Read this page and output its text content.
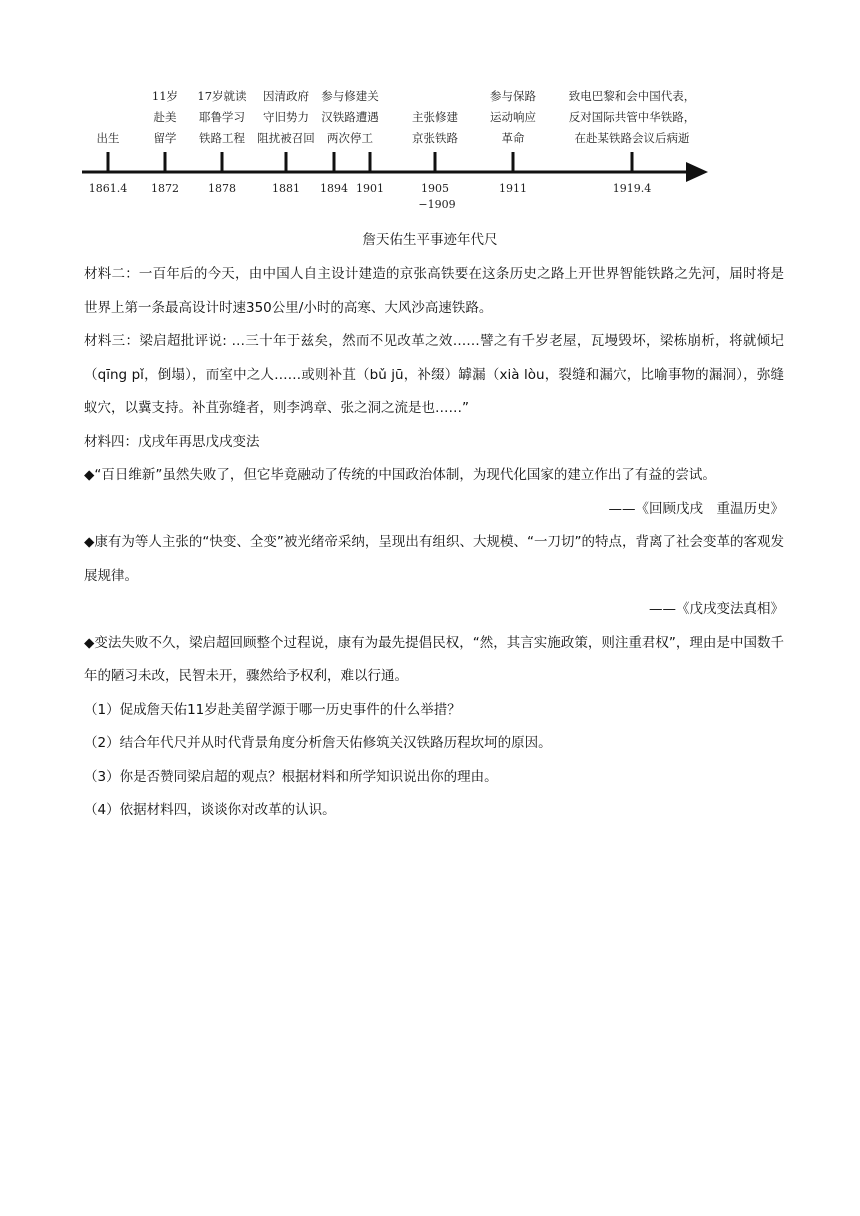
1861.4
出生
1872
11岁
赴美
留学
1878
17岁就读
耶鲁学习
铁路工程
1881
因清政府
守旧势力
阻扰被召回
1894
参与修建关
汉铁路遭遇
两次停工
1901	1905
−1909
主张修建
京张铁路
1911
参与保路
运动响应
革命
1919.4
致电巴黎和会中国代表，
反对国际共管中华铁路，
在赴某铁路会议后病逝
詹天佑生平事迹年代尺

材料二：一百年后的今天，由中国人自主设计建造的京张高铁要在这条历史之路上开世界智能铁路之先河，届时将是世界上第一条最高设计时速350公里/小时的高寒、大风沙高速铁路。

材料三：梁启超批评说: …三十年于兹矣，然而不见改革之效……譬之有千岁老屋，瓦墁毁坏，梁栋崩析，将就倾圮（qīng pǐ，倒塌），而室中之人……或则补苴（bǔ jū，补缀）罅漏（xià lòu，裂缝和漏穴，比喻事物的漏洞），弥缝蚁穴，以冀支持。补苴弥缝者，则李鸿章、张之洞之流是也……”

材料四：戊戌年再思戊戌变法

◆“百日维新”虽然失败了，但它毕竟融动了传统的中国政治体制，为现代化国家的建立作出了有益的尝试。

——《回顾戊戌　重温历史》

◆康有为等人主张的“快变、全变”被光绪帝采纳，呈现出有组织、大规模、“一刀切”的特点，背离了社会变革的客观发展规律。

——《戊戌变法真相》

◆变法失败不久，梁启超回顾整个过程说，康有为最先提倡民权，“然，其言实施政策，则注重君权”，理由是中国数千年的陋习未改，民智未开，骤然给予权利，难以行通。

（1）促成詹天佑11岁赴美留学源于哪一历史事件的什么举措？

（2）结合年代尺并从时代背景角度分析詹天佑修筑关汉铁路历程坎坷的原因。

（3）你是否赞同梁启超的观点？根据材料和所学知识说出你的理由。

（4）依据材料四，谈谈你对改革的认识。
